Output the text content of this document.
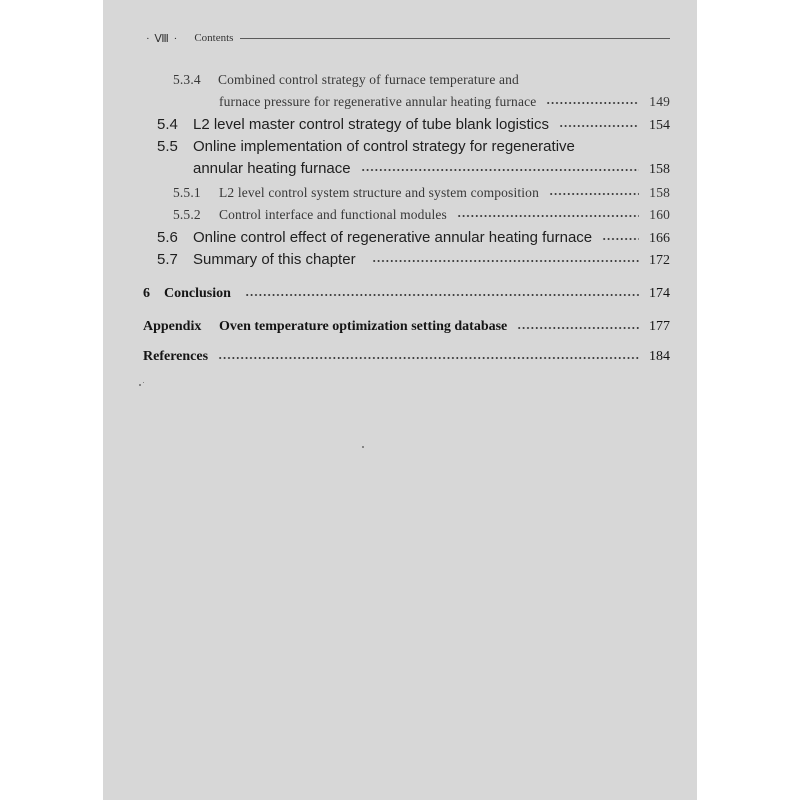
· Ⅷ · Contents
5.3.4	Combined control strategy of furnace temperature and
furnace pressure for regenerative annular heating furnace	149
5.4	L2 level master control strategy of tube blank logistics	154
5.5	Online implementation of control strategy for regenerative
annular heating furnace	158
5.5.1	L2 level control system structure and system composition	158
5.5.2	Control interface and functional modules	160
5.6	Online control effect of regenerative annular heating furnace	166
5.7	Summary of this chapter	172
6	Conclusion	174
Appendix	Oven temperature optimization setting database	177
References	184
